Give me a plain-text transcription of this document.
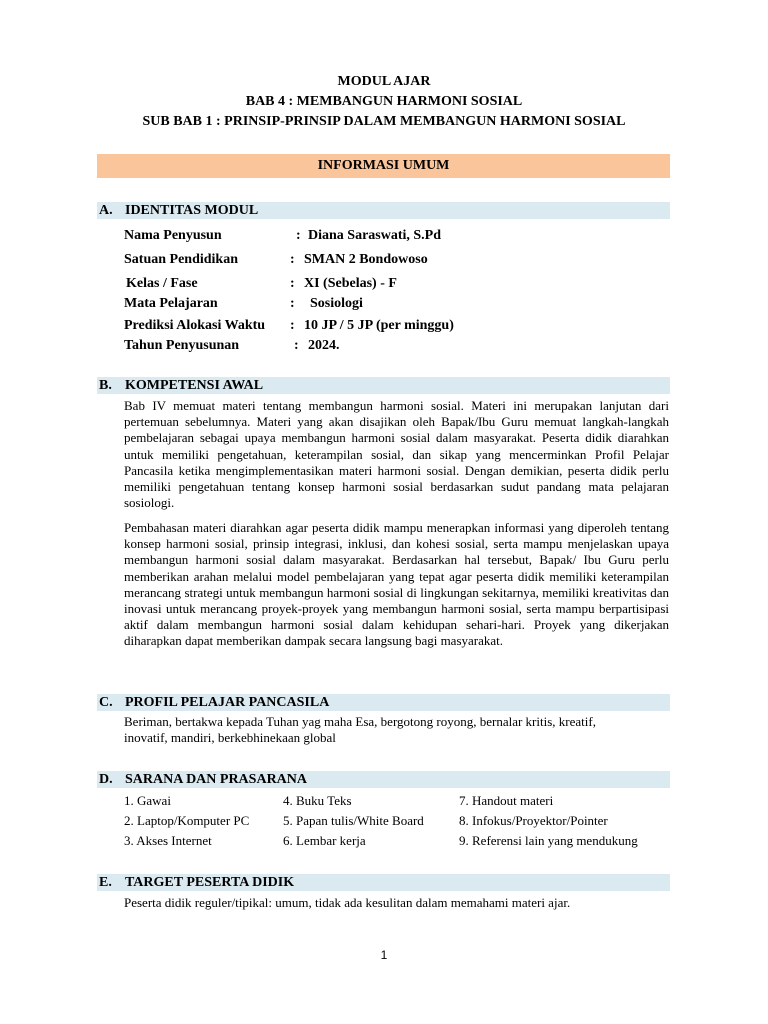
MODUL AJAR
BAB 4 : MEMBANGUN HARMONI SOSIAL
SUB BAB 1 : PRINSIP-PRINSIP DALAM MEMBANGUN HARMONI SOSIAL
INFORMASI UMUM
A. IDENTITAS MODUL
Nama Penyusun	: Diana Saraswati, S.Pd
Satuan Pendidikan	: SMAN 2 Bondowoso
Kelas / Fase	: XI (Sebelas) - F
Mata Pelajaran	: Sosiologi
Prediksi Alokasi Waktu : 10 JP / 5 JP (per minggu)
Tahun Penyusunan	: 2024.
B. KOMPETENSI AWAL

Bab IV memuat materi tentang membangun harmoni sosial. Materi ini merupakan lanjutan dari pertemuan sebelumnya. Materi yang akan disajikan oleh Bapak/Ibu Guru memuat langkah-langkah pembelajaran sebagai upaya membangun harmoni sosial dalam masyarakat. Peserta didik diarahkan untuk memiliki pengetahuan, keterampilan sosial, dan sikap yang mencerminkan Profil Pelajar Pancasila ketika mengimplementasikan materi harmoni sosial. Dengan demikian, peserta didik perlu memiliki pengetahuan tentang konsep harmoni sosial berdasarkan sudut pandang mata pelajaran sosiologi.

Pembahasan materi diarahkan agar peserta didik mampu menerapkan informasi yang diperoleh tentang konsep harmoni sosial, prinsip integrasi, inklusi, dan kohesi sosial, serta mampu menjelaskan upaya membangun harmoni sosial dalam masyarakat. Berdasarkan hal tersebut, Bapak/ Ibu Guru perlu memberikan arahan melalui model pembelajaran yang tepat agar peserta didik memiliki keterampilan merancang strategi untuk membangun harmoni sosial di lingkungan sekitarnya, memiliki kreativitas dan inovasi untuk merancang proyek-proyek yang membangun harmoni sosial, serta mampu berpartisipasi aktif dalam membangun harmoni sosial dalam kehidupan sehari-hari. Proyek yang dikerjakan diharapkan dapat memberikan dampak secara langsung bagi masyarakat.

C. PROFIL PELAJAR PANCASILA

Beriman, bertakwa kepada Tuhan yag maha Esa, bergotong royong, bernalar kritis, kreatif, inovatif, mandiri, berkebhinekaan global

D. SARANA DAN PRASARANA
1. Gawai
2. Laptop/Komputer PC
3. Akses Internet
4. Buku Teks
5. Papan tulis/White Board
6. Lembar kerja
7. Handout materi
8. Infokus/Proyektor/Pointer
9. Referensi lain yang mendukung
E. TARGET PESERTA DIDIK
Peserta didik reguler/tipikal: umum, tidak ada kesulitan dalam memahami materi ajar.
1
